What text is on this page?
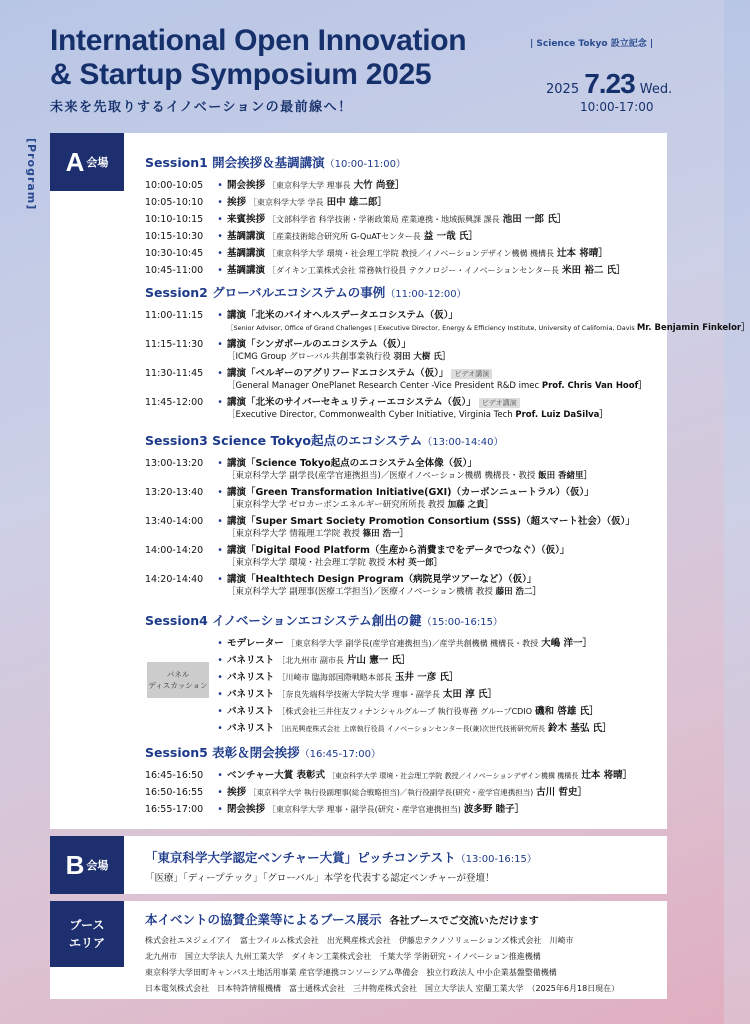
International Open Innovation
& Startup Symposium 2025
未来を先取りするイノベーションの最前線へ！
| Science Tokyo 設立記念 |
2025 7.23 Wed.
10:00-17:00
[Program] A 会場	Session1 開会挨拶＆基調講演（10:00-11:00）
10:00-10:05 • 開会挨拶 ［東京科学大学 理事長 大竹 尚登］
10:05-10:10 • 挨拶 ［東京科学大学 学長 田中 雄二郎］
10:10-10:15 • 来賓挨拶 ［文部科学省 科学技術・学術政策局 産業連携・地域振興課 課長 池田 一郎 氏］
10:15-10:30 • 基調講演 ［産業技術総合研究所 G-QuATセンター長 益 一哉 氏］
10:30-10:45 • 基調講演 ［東京科学大学 環境・社会理工学院 教授／イノベーションデザイン機構 機構長 辻本 将晴］
10:45-11:00 • 基調講演 ［ダイキン工業株式会社 常務執行役員 テクノロジー・イノベーションセンター長 米田 裕二 氏］
Session2 グローバルエコシステムの事例（11:00-12:00）
11:00-11:15 • 講演「北米のバイオヘルスデータエコシステム（仮）」
［Senior Advisor, Office of Grand Challenges | Executive Director, Energy & Efficiency Institute, University of California, Davis Mr. Benjamin Finkelor］
11:15-11:30 • 講演「シンガポールのエコシステム（仮）」
［ICMG Group グローバル共創事業執行役 羽田 大樹 氏］
11:30-11:45 • 講演「ベルギーのアグリフードエコシステム（仮）」 ビデオ講演
［General Manager OnePlanet Research Center -Vice President R&D imec Prof. Chris Van Hoof］
11:45-12:00 • 講演「北米のサイバーセキュリティーエコシステム（仮）」 ビデオ講演
［Executive Director, Commonwealth Cyber Initiative, Virginia Tech Prof. Luiz DaSilva］
Session3 Science Tokyo起点のエコシステム（13:00-14:40）
13:00-13:20 • 講演「Science Tokyo起点のエコシステム全体像（仮）」
［東京科学大学 副学長(産学官連携担当)／医療イノベーション機構 機構長・教授 飯田 香緒里］
13:20-13:40 • 講演「Green Transformation Initiative(GXI)（カーボンニュートラル）（仮）」
［東京科学大学 ゼロカーボンエネルギー研究所所長 教授 加藤 之貴］
13:40-14:00 • 講演「Super Smart Society Promotion Consortium (SSS)（超スマート社会）（仮）」
［東京科学大学 情報理工学院 教授 篠田 浩一］
14:00-14:20 • 講演「Digital Food Platform（生産から消費までをデータでつなぐ）（仮）」
［東京科学大学 環境・社会理工学院 教授 木村 英一郎］
14:20-14:40 • 講演「Healthtech Design Program（病院見学ツアーなど）（仮）」
［東京科学大学 副理事(医療工学担当)／医療イノベーション機構 教授 藤田 浩二］
Session4 イノベーションエコシステム創出の鍵（15:00-16:15）
パネル
ディスカッション
• モデレーター ［東京科学大学 副学長(産学官連携担当)／産学共創機構 機構長・教授 大嶋 洋一］
• パネリスト ［北九州市 副市長 片山 憲一 氏］
• パネリスト ［川崎市 臨海部国際戦略本部長 玉井 一彦 氏］
• パネリスト ［奈良先端科学技術大学院大学 理事・副学長 太田 淳 氏］
• パネリスト ［株式会社三井住友フィナンシャルグループ 執行役専務 グループCDIO 磯和 啓雄 氏］
• パネリスト ［出光興産株式会社 上席執行役員 イノベーションセンター長(兼)次世代技術研究所長 鈴木 基弘 氏］
Session5 表彰＆閉会挨拶（16:45-17:00）
16:45-16:50 • ベンチャー大賞 表彰式 ［東京科学大学 環境・社会理工学院 教授／イノベーションデザイン機構 機構長 辻本 将晴］
16:50-16:55 • 挨拶 ［東京科学大学 執行役副理事(総合戦略担当)／執行役副学長(研究・産学官連携担当) 古川 哲史］
16:55-17:00 • 閉会挨拶 ［東京科学大学 理事・副学長(研究・産学官連携担当) 波多野 睦子］
B 会場
「東京科学大学認定ベンチャー大賞」ピッチコンテスト（13:00-16:15）
「医療」「ディープテック」「グローバル」本学を代表する認定ベンチャーが登壇！
ブース
エリア
本イベントの協賛企業等によるブース展示 各社ブースでご交流いただけます
株式会社エヌジェイアイ　富士フイルム株式会社　出光興産株式会社　伊藤忠テクノソリューションズ株式会社　川崎市
北九州市　国立大学法人 九州工業大学　ダイキン工業株式会社　千葉大学 学術研究・イノベーション推進機構
東京科学大学田町キャンパス土地活用事業 産官学連携コンソーシアム準備会　独立行政法人 中小企業基盤整備機構
日本電気株式会社　日本特許情報機構　富士通株式会社　三井物産株式会社　国立大学法人 室蘭工業大学　（2025年6月18日現在）
